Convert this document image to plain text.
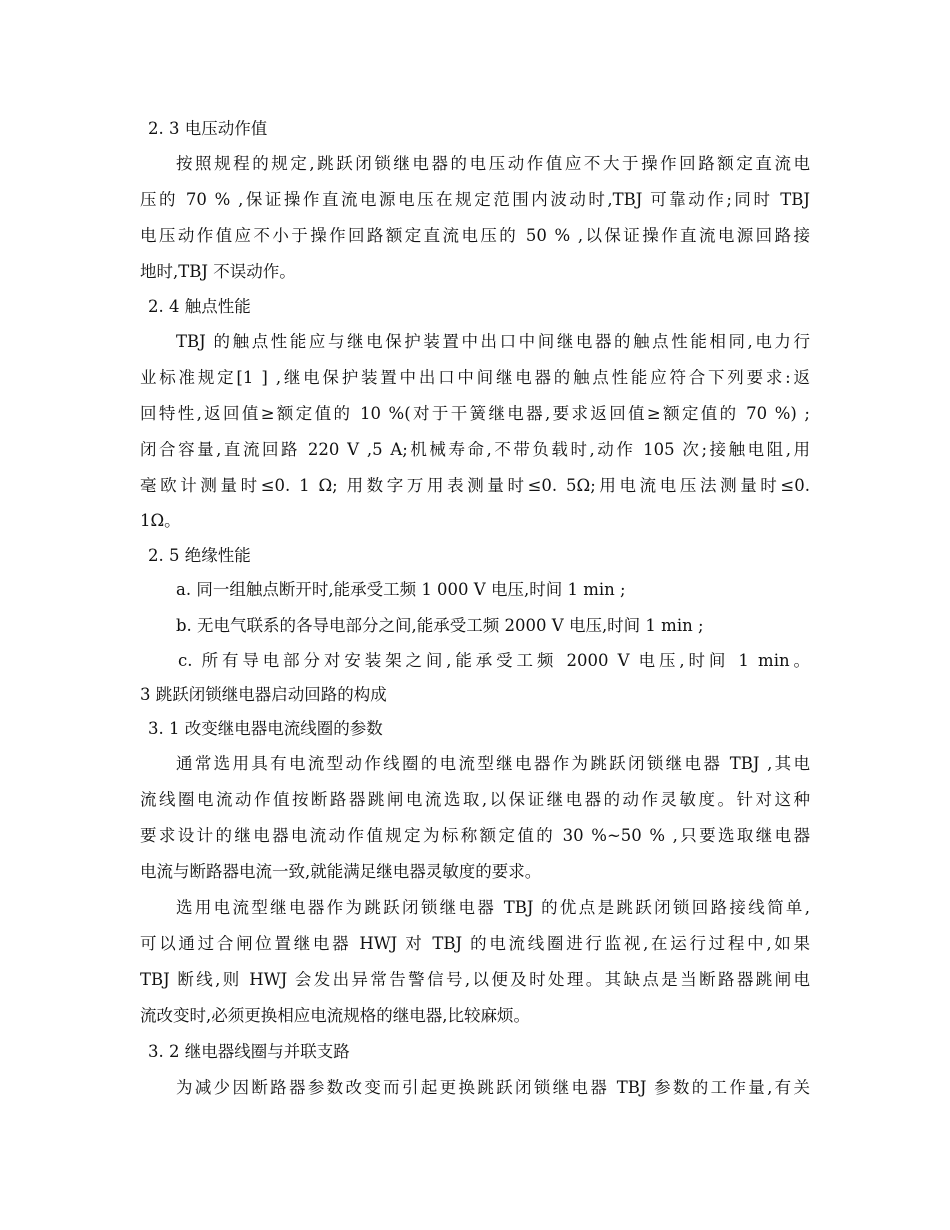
2. 3 电压动作值
按照规程的规定,跳跃闭锁继电器的电压动作值应不大于操作回路额定直流电
压的 70 % ,保证操作直流电源电压在规定范围内波动时,TBJ 可靠动作;同时 TBJ
电压动作值应不小于操作回路额定直流电压的 50 % ,以保证操作直流电源回路接
地时,TBJ 不误动作。
2. 4 触点性能
TBJ 的触点性能应与继电保护装置中出口中间继电器的触点性能相同,电力行
业标准规定[1 ] ,继电保护装置中出口中间继电器的触点性能应符合下列要求:返
回特性,返回值≥额定值的 10 %(对于干簧继电器,要求返回值≥额定值的 70 %) ;
闭合容量,直流回路 220 V ,5 A;机械寿命,不带负载时,动作 105 次;接触电阻,用
毫欧计测量时≤0. 1 Ω; 用数字万用表测量时≤0. 5Ω;用电流电压法测量时≤0.
1Ω。
2. 5 绝缘性能
a. 同一组触点断开时,能承受工频 1 000 V 电压,时间 1 min ;
b. 无电气联系的各导电部分之间,能承受工频 2000 V 电压,时间 1 min ;
c. 所有导电部分对安装架之间,能承受工频 2000 V 电压,时间 1 min。
3 跳跃闭锁继电器启动回路的构成
3. 1 改变继电器电流线圈的参数
通常选用具有电流型动作线圈的电流型继电器作为跳跃闭锁继电器 TBJ ,其电
流线圈电流动作值按断路器跳闸电流选取,以保证继电器的动作灵敏度。针对这种
要求设计的继电器电流动作值规定为标称额定值的 30 %~50 % ,只要选取继电器
电流与断路器电流一致,就能满足继电器灵敏度的要求。
选用电流型继电器作为跳跃闭锁继电器 TBJ 的优点是跳跃闭锁回路接线简单,
可以通过合闸位置继电器 HWJ 对 TBJ 的电流线圈进行监视,在运行过程中,如果
TBJ 断线,则 HWJ 会发出异常告警信号,以便及时处理。其缺点是当断路器跳闸电
流改变时,必须更换相应电流规格的继电器,比较麻烦。
3. 2 继电器线圈与并联支路
为减少因断路器参数改变而引起更换跳跃闭锁继电器 TBJ 参数的工作量,有关
